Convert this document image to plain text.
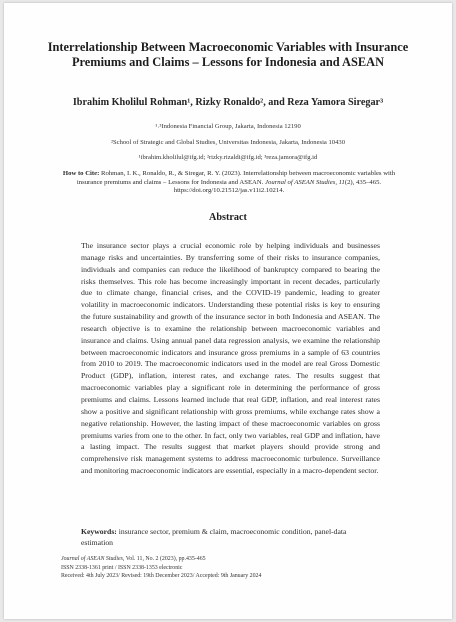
Interrelationship Between Macroeconomic Variables with Insurance Premiums and Claims – Lessons for Indonesia and ASEAN
Ibrahim Kholilul Rohman¹, Rizky Ronaldo², and Reza Yamora Siregar³
¹˒³Indonesia Financial Group, Jakarta, Indonesia 12190
²School of Strategic and Global Studies, Universitas Indonesia, Jakarta, Indonesia 10430
¹ibrahim.kholilul@ifg.id; ²rizky.rizaldi@ifg.id; ³reza.jamora@ifg.id
How to Cite: Rohman, I. K., Ronaldo, R., & Siregar, R. Y. (2023). Interrelationship between macroeconomic variables with insurance premiums and claims – Lessons for Indonesia and ASEAN. Journal of ASEAN Studies, 11(2), 435–465. https://doi.org/10.21512/jas.v11i2.10214.
Abstract
The insurance sector plays a crucial economic role by helping individuals and businesses manage risks and uncertainties. By transferring some of their risks to insurance companies, individuals and companies can reduce the likelihood of bankruptcy compared to bearing the risks themselves. This role has become increasingly important in recent decades, particularly due to climate change, financial crises, and the COVID-19 pandemic, leading to greater volatility in macroeconomic indicators. Understanding these potential risks is key to ensuring the future sustainability and growth of the insurance sector in both Indonesia and ASEAN. The research objective is to examine the relationship between macroeconomic variables and insurance and claims. Using annual panel data regression analysis, we examine the relationship between macroeconomic indicators and insurance gross premiums in a sample of 63 countries from 2010 to 2019. The macroeconomic indicators used in the model are real Gross Domestic Product (GDP), inflation, interest rates, and exchange rates. The results suggest that macroeconomic variables play a significant role in determining the performance of gross premiums and claims. Lessons learned include that real GDP, inflation, and real interest rates show a positive and significant relationship with gross premiums, while exchange rates show a negative relationship. However, the lasting impact of these macroeconomic variables on gross premiums varies from one to the other. In fact, only two variables, real GDP and inflation, have a lasting impact. The results suggest that market players should provide strong and comprehensive risk management systems to address macroeconomic turbulence. Surveillance and monitoring macroeconomic indicators are essential, especially in a macro-dependent sector.
Keywords: insurance sector, premium & claim, macroeconomic condition, panel-data estimation
Journal of ASEAN Studies, Vol. 11, No. 2 (2023), pp.435-465
ISSN 2338-1361 print / ISSN 2338-1353 electronic
Received: 4th July 2023/ Revised: 19th December 2023/ Accepted: 9th January 2024
